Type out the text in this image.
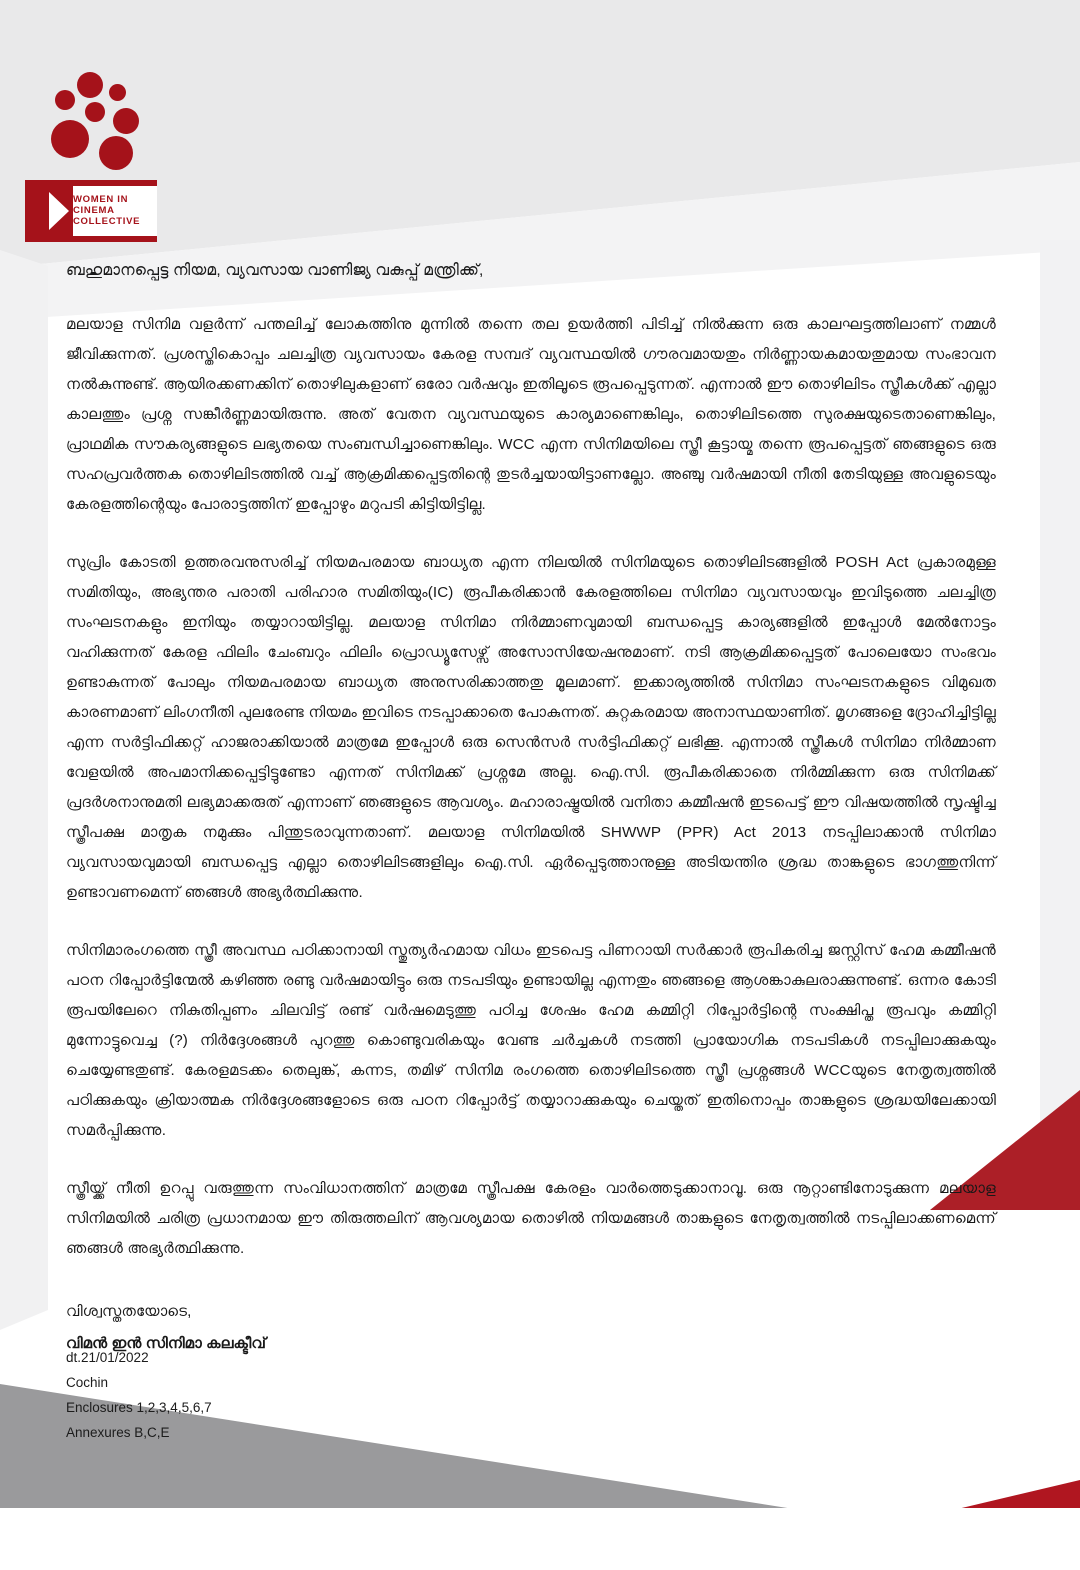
WOMEN IN
CINEMA
COLLECTIVE
ബഹുമാനപ്പെട്ട നിയമ, വ്യവസായ വാണിജ്യ വകുപ്പ് മന്ത്രിക്ക്,

മലയാള സിനിമ വളർന്ന് പന്തലിച്ച് ലോകത്തിനു മുന്നിൽ തന്നെ തല ഉയർത്തി പിടിച്ച് നിൽക്കുന്ന ഒരു കാലഘട്ടത്തിലാണ് നമ്മൾ ജീവിക്കുന്നത്. പ്രശസ്തികൊപ്പം ചലച്ചിത്ര വ്യവസായം കേരള സമ്പദ് വ്യവസ്ഥയിൽ ഗൗരവമായതും നിർണ്ണായകമായതുമായ സംഭാവന നൽകുന്നുണ്ട്. ആയിരക്കണക്കിന് തൊഴിലുകളാണ് ഒരോ വർഷവും ഇതിലൂടെ രൂപപ്പെടുന്നത്. എന്നാൽ ഈ തൊഴിലിടം സ്ത്രീകൾക്ക് എല്ലാ കാലത്തും പ്രശ്ന സങ്കീർണ്ണമായിരുന്നു. അത് വേതന വ്യവസ്ഥയുടെ കാര്യമാണെങ്കിലും, തൊഴിലിടത്തെ സുരക്ഷയുടെതാണെങ്കിലും, പ്രാഥമിക സൗകര്യങ്ങളുടെ ലഭ്യതയെ സംബന്ധിച്ചാണെങ്കിലും. WCC എന്ന സിനിമയിലെ സ്ത്രീ കൂട്ടായ്മ തന്നെ രൂപപ്പെട്ടത് ഞങ്ങളുടെ ഒരു സഹപ്രവർത്തക തൊഴിലിടത്തിൽ വച്ച് ആക്രമിക്കപ്പെട്ടതിന്റെ തുടർച്ചയായിട്ടാണല്ലോ. അഞ്ചു വർഷമായി നീതി തേടിയുള്ള അവളുടെയും കേരളത്തിന്റെയും പോരാട്ടത്തിന് ഇപ്പോഴും മറുപടി കിട്ടിയിട്ടില്ല.

സുപ്രിം കോടതി ഉത്തരവനുസരിച്ച് നിയമപരമായ ബാധ്യത എന്ന നിലയിൽ സിനിമയുടെ തൊഴിലിടങ്ങളിൽ POSH Act പ്രകാരമുള്ള സമിതിയും, അഭ്യന്തര പരാതി പരിഹാര സമിതിയും(IC) രൂപീകരിക്കാൻ കേരളത്തിലെ സിനിമാ വ്യവസായവും ഇവിടുത്തെ ചലച്ചിത്ര സംഘടനകളും ഇനിയും തയ്യാറായിട്ടില്ല. മലയാള സിനിമാ നിർമ്മാണവുമായി ബന്ധപ്പെട്ട കാര്യങ്ങളിൽ ഇപ്പോൾ മേൽനോട്ടം വഹിക്കുന്നത് കേരള ഫിലിം ചേംബറും ഫിലിം പ്രൊഡ്യൂസേഴ്സ് അസോസിയേഷനുമാണ്. നടി ആക്രമിക്കപ്പെട്ടത് പോലെയോ സംഭവം ഉണ്ടാകുന്നത് പോലും നിയമപരമായ ബാധ്യത അനുസരിക്കാത്തതു മൂലമാണ്. ഇക്കാര്യത്തിൽ സിനിമാ സംഘടനകളുടെ വിമുഖത കാരണമാണ് ലിംഗനീതി പുലരേണ്ട നിയമം ഇവിടെ നടപ്പാക്കാതെ പോകുന്നത്. കുറ്റകരമായ അനാസ്ഥയാണിത്. മൃഗങ്ങളെ ദ്രോഹിച്ചിട്ടില്ല എന്ന സർട്ടിഫിക്കറ്റ് ഹാജരാക്കിയാൽ മാത്രമേ ഇപ്പോൾ ഒരു സെൻസർ സർട്ടിഫിക്കറ്റ് ലഭിക്കൂ. എന്നാൽ സ്ത്രീകൾ സിനിമാ നിർമ്മാണ വേളയിൽ അപമാനിക്കപ്പെട്ടിട്ടുണ്ടോ എന്നത് സിനിമക്ക് പ്രശ്നമേ അല്ല. ഐ.സി. രൂപീകരിക്കാതെ നിർമ്മിക്കുന്ന ഒരു സിനിമക്ക് പ്രദർശനാനുമതി ലഭ്യമാക്കരുത് എന്നാണ് ഞങ്ങളുടെ ആവശ്യം. മഹാരാഷ്ട്രയിൽ വനിതാ കമ്മീഷൻ ഇടപെട്ട് ഈ വിഷയത്തിൽ സൃഷ്ടിച്ച സ്ത്രീപക്ഷ മാതൃക നമുക്കും പിന്തുടരാവുന്നതാണ്. മലയാള സിനിമയിൽ SHWWP (PPR) Act 2013 നടപ്പിലാക്കാൻ സിനിമാ വ്യവസായവുമായി ബന്ധപ്പെട്ട എല്ലാ തൊഴിലിടങ്ങളിലും ഐ.സി. ഏർപ്പെടുത്താനുള്ള അടിയന്തിര ശ്രദ്ധ താങ്കളുടെ ഭാഗത്തുനിന്ന് ഉണ്ടാവണമെന്ന് ഞങ്ങൾ അഭ്യർത്ഥിക്കുന്നു.

സിനിമാരംഗത്തെ സ്ത്രീ അവസ്ഥ പഠിക്കാനായി സ്തുത്യർഹമായ വിധം ഇടപെട്ട പിണറായി സർക്കാർ രൂപികരിച്ച ജസ്റ്റിസ് ഹേമ കമ്മീഷൻ പഠന റിപ്പോർട്ടിന്മേൽ കഴിഞ്ഞ രണ്ടു വർഷമായിട്ടും ഒരു നടപടിയും ഉണ്ടായില്ല എന്നതും ഞങ്ങളെ ആശങ്കാകുലരാക്കുന്നുണ്ട്. ഒന്നര കോടി രൂപയിലേറെ നികുതിപ്പണം ചിലവിട്ട് രണ്ട് വർഷമെടുത്തു പഠിച്ച ശേഷം ഹേമ കമ്മിറ്റി റിപ്പോർട്ടിന്റെ സംക്ഷിപ്ത രൂപവും കമ്മിറ്റി മുന്നോട്ടുവെച്ച (?) നിർദ്ദേശങ്ങൾ പുറത്തു കൊണ്ടുവരികയും വേണ്ട ചർച്ചകൾ നടത്തി പ്രായോഗിക നടപടികൾ നടപ്പിലാക്കുകയും ചെയ്യേണ്ടതുണ്ട്. കേരളമടക്കം തെലുങ്ക്, കന്നട, തമിഴ് സിനിമ രംഗത്തെ തൊഴിലിടത്തെ സ്ത്രീ പ്രശ്നങ്ങൾ WCCയുടെ നേതൃത്വത്തിൽ പഠിക്കുകയും ക്രിയാത്മക നിർദ്ദേശങ്ങളോടെ ഒരു പഠന റിപ്പോർട്ട് തയ്യാറാക്കുകയും ചെയ്തത് ഇതിനൊപ്പം താങ്കളുടെ ശ്രദ്ധയിലേക്കായി സമർപ്പിക്കുന്നു.

സ്ത്രീയ്ക്ക് നീതി ഉറപ്പു വരുത്തുന്ന സംവിധാനത്തിന് മാത്രമേ സ്ത്രീപക്ഷ കേരളം വാർത്തെടുക്കാനാവൂ. ഒരു നൂറ്റാണ്ടിനോടുക്കുന്ന മലയാള സിനിമയിൽ ചരിത്ര പ്രധാനമായ ഈ തിരുത്തലിന് ആവശ്യമായ തൊഴിൽ നിയമങ്ങൾ താങ്കളുടെ നേതൃത്വത്തിൽ നടപ്പിലാക്കണമെന്ന് ഞങ്ങൾ അഭ്യർത്ഥിക്കുന്നു.

വിശ്വസ്തതയോടെ,
വിമൻ ഇൻ സിനിമാ കലക്ടീവ്
dt.21/01/2022
Cochin
Enclosures 1,2,3,4,5,6,7
Annexures B,C,E
